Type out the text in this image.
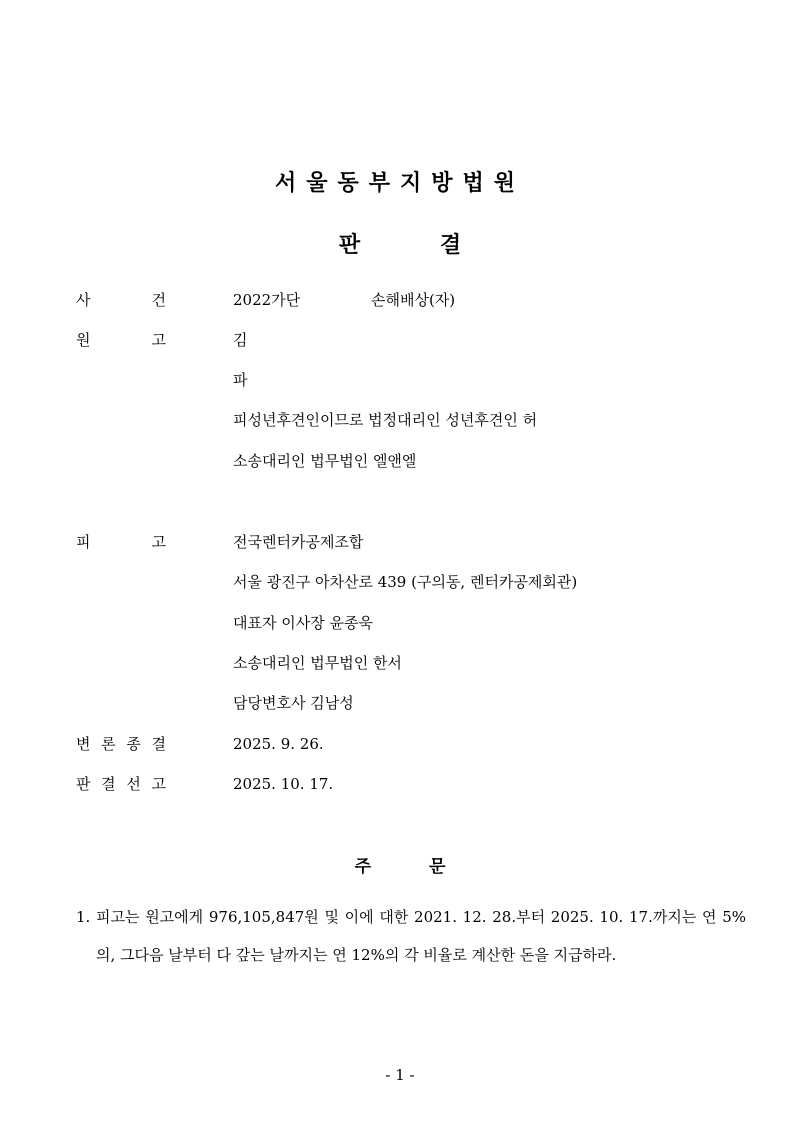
서울동부지방법원
판 결
사	건	2022가단	손해배상(자)
원	고	김
파
피성년후견인이므로 법정대리인 성년후견인 허
소송대리인 법무법인 엘앤엘
피	고	전국렌터카공제조합
서울 광진구 아차산로 439 (구의동, 렌터카공제회관)
대표자 이사장 윤종욱
소송대리인 법무법인 한서
담당변호사 김남성
변 론 종 결	2025. 9. 26.
판 결 선 고	2025. 10. 17.
주 문
1. 피고는 원고에게 976,105,847원 및 이에 대한 2021. 12. 28.부터 2025. 10. 17.까지는 연 5%의, 그다음 날부터 다 갚는 날까지는 연 12%의 각 비율로 계산한 돈을 지급하라.
- 1 -
